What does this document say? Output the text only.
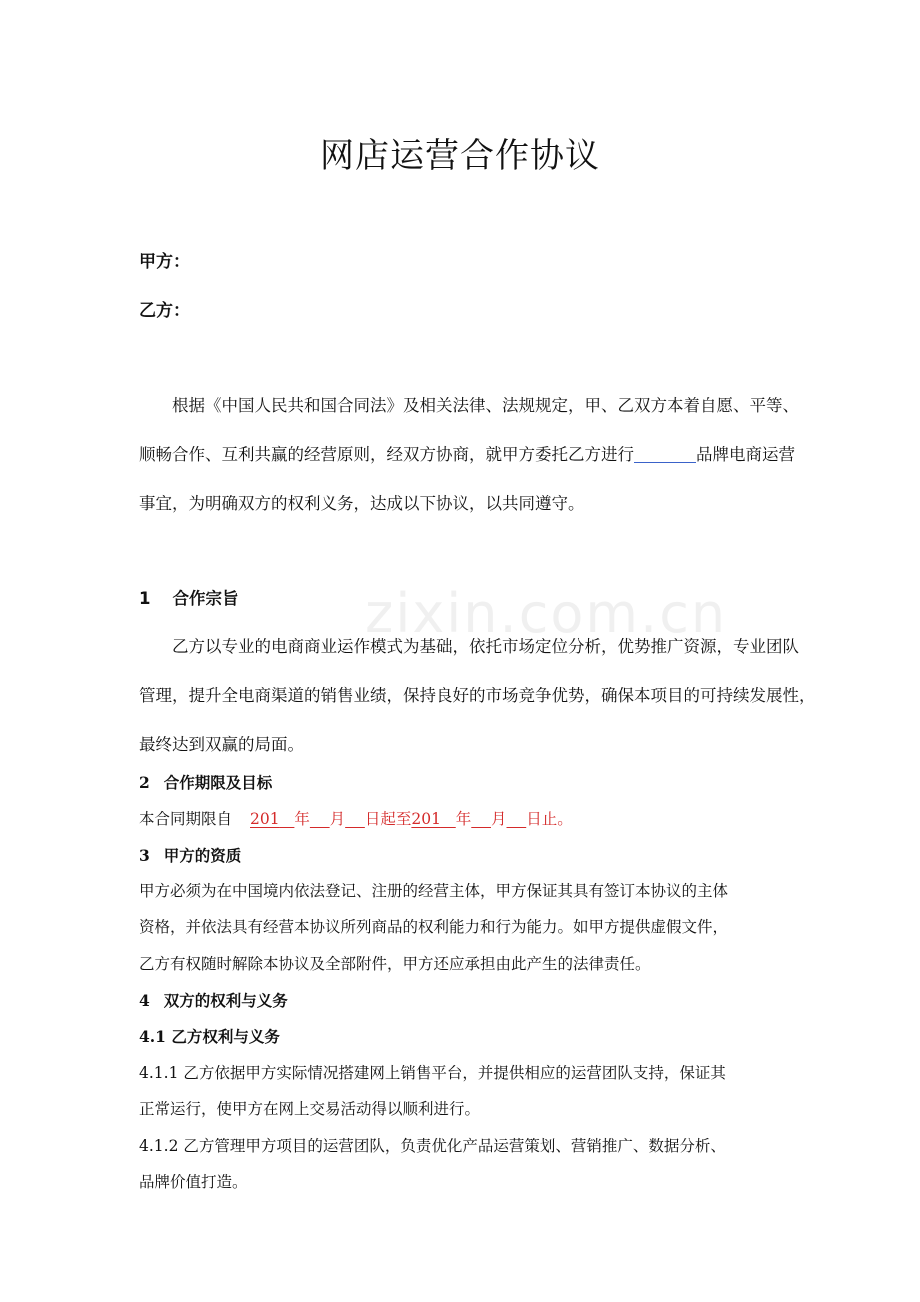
zixin.com.cn
网店运营合作协议
甲方：
乙方：
根据《中国人民共和国合同法》及相关法律、法规规定，甲、乙双方本着自愿、平等、
顺畅合作、互利共赢的经营原则，经双方协商，就甲方委托乙方进行	品牌电商运营
事宜，为明确双方的权利义务，达成以下协议，以共同遵守。
1 合作宗旨
乙方以专业的电商商业运作模式为基础，依托市场定位分析，优势推广资源，专业团队
管理，提升全电商渠道的销售业绩，保持良好的市场竞争优势，确保本项目的可持续发展性，
最终达到双赢的局面。
2 合作期限及目标
本合同期限自 201 年 月 日起至201 年 月 日止。
3 甲方的资质
甲方必须为在中国境内依法登记、注册的经营主体，甲方保证其具有签订本协议的主体
资格，并依法具有经营本协议所列商品的权利能力和行为能力。如甲方提供虚假文件，
乙方有权随时解除本协议及全部附件，甲方还应承担由此产生的法律责任。
4 双方的权利与义务
4.1 乙方权利与义务
4.1.1 乙方依据甲方实际情况搭建网上销售平台，并提供相应的运营团队支持，保证其
正常运行，使甲方在网上交易活动得以顺利进行。
4.1.2 乙方管理甲方项目的运营团队，负责优化产品运营策划、营销推广、数据分析、
品牌价值打造。
